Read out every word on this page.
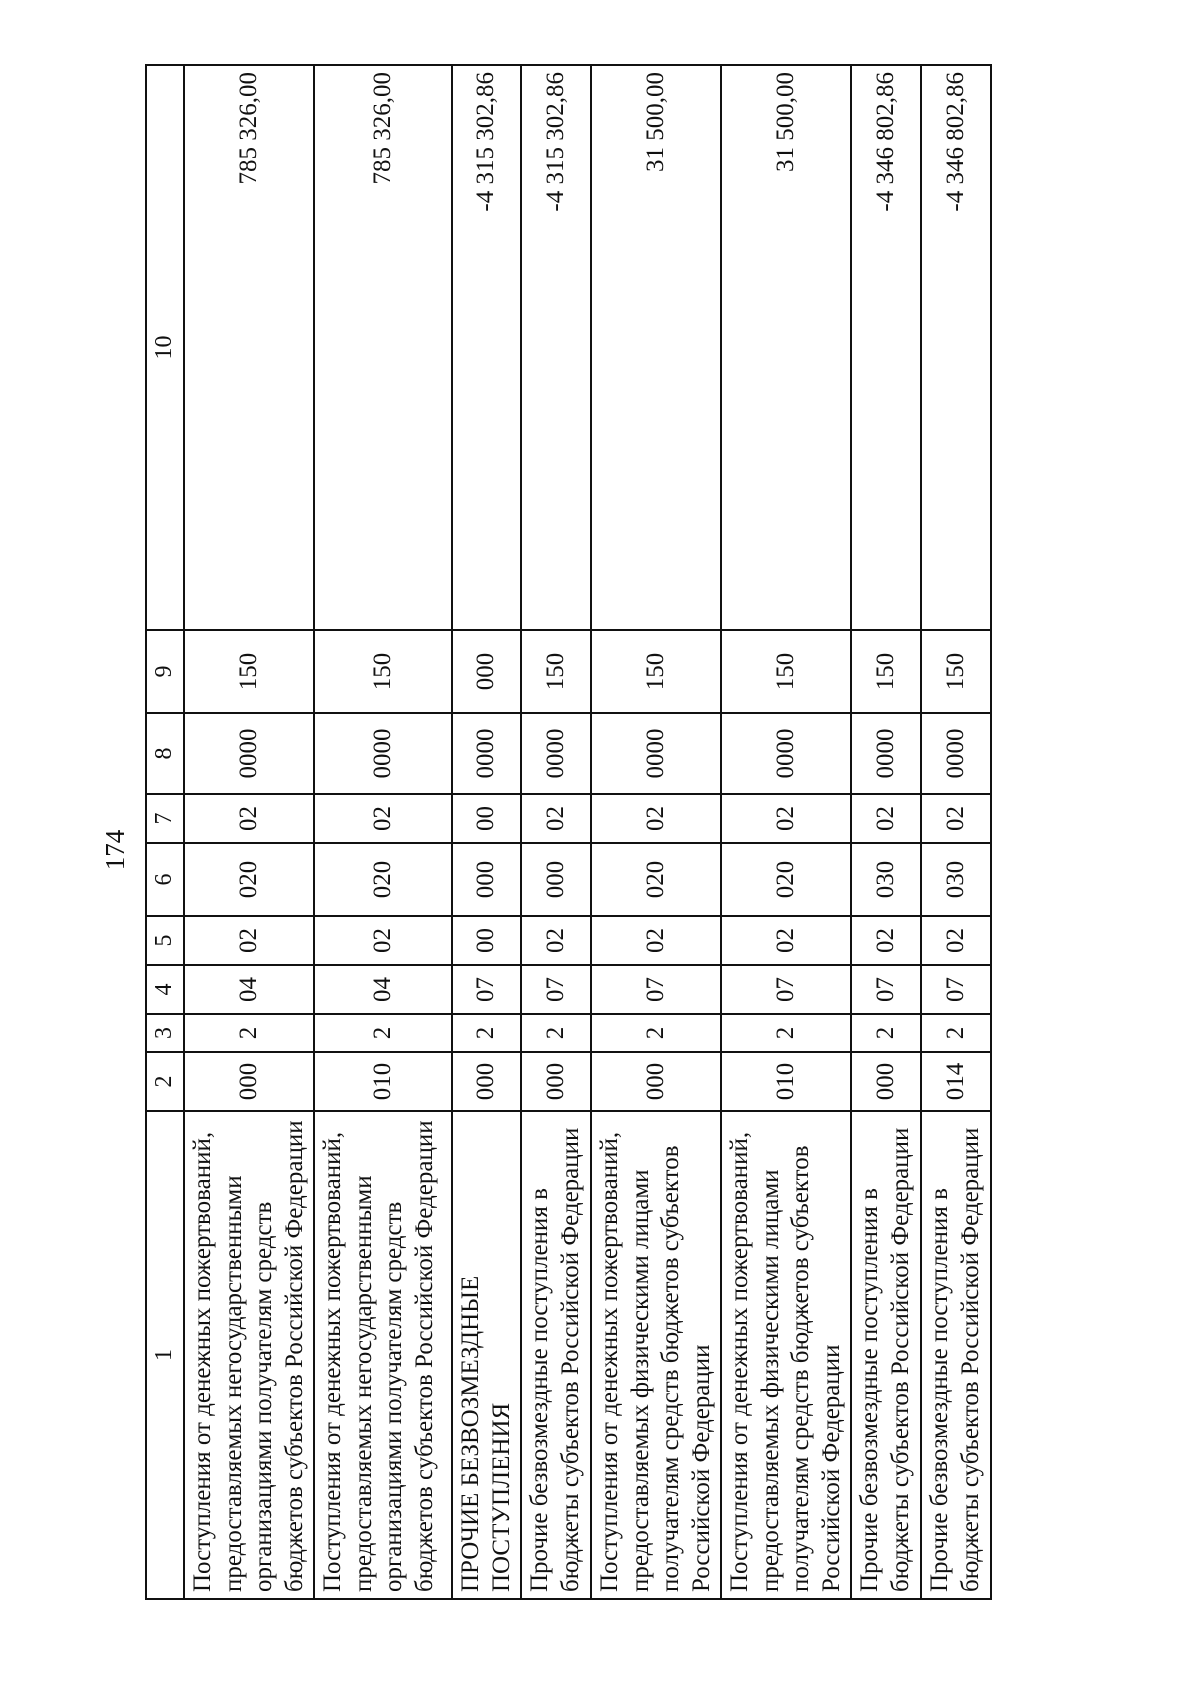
174
1	2	3	4	5	6	7	8	9	10
Поступления от денежных пожертвований, предоставляемых негосударственными организациями получателям средств бюджетов субъектов Российской Федерации	000	2	04	02	020	02	0000	150	785 326,00
Поступления от денежных пожертвований, предоставляемых негосударственными организациями получателям средств бюджетов субъектов Российской Федерации	010	2	04	02	020	02	0000	150	785 326,00
ПРОЧИЕ БЕЗВОЗМЕЗДНЫЕ ПОСТУПЛЕНИЯ	000	2	07	00	000	00	0000	000	-4 315 302,86
Прочие безвозмездные поступления в бюджеты субъектов Российской Федерации	000	2	07	02	000	02	0000	150	-4 315 302,86
Поступления от денежных пожертвований, предоставляемых физическими лицами получателям средств бюджетов субъектов Российской Федерации	000	2	07	02	020	02	0000	150	31 500,00
Поступления от денежных пожертвований, предоставляемых физическими лицами получателям средств бюджетов субъектов Российской Федерации	010	2	07	02	020	02	0000	150	31 500,00
Прочие безвозмездные поступления в бюджеты субъектов Российской Федерации	000	2	07	02	030	02	0000	150	-4 346 802,86
Прочие безвозмездные поступления в бюджеты субъектов Российской Федерации	014	2	07	02	030	02	0000	150	-4 346 802,86
